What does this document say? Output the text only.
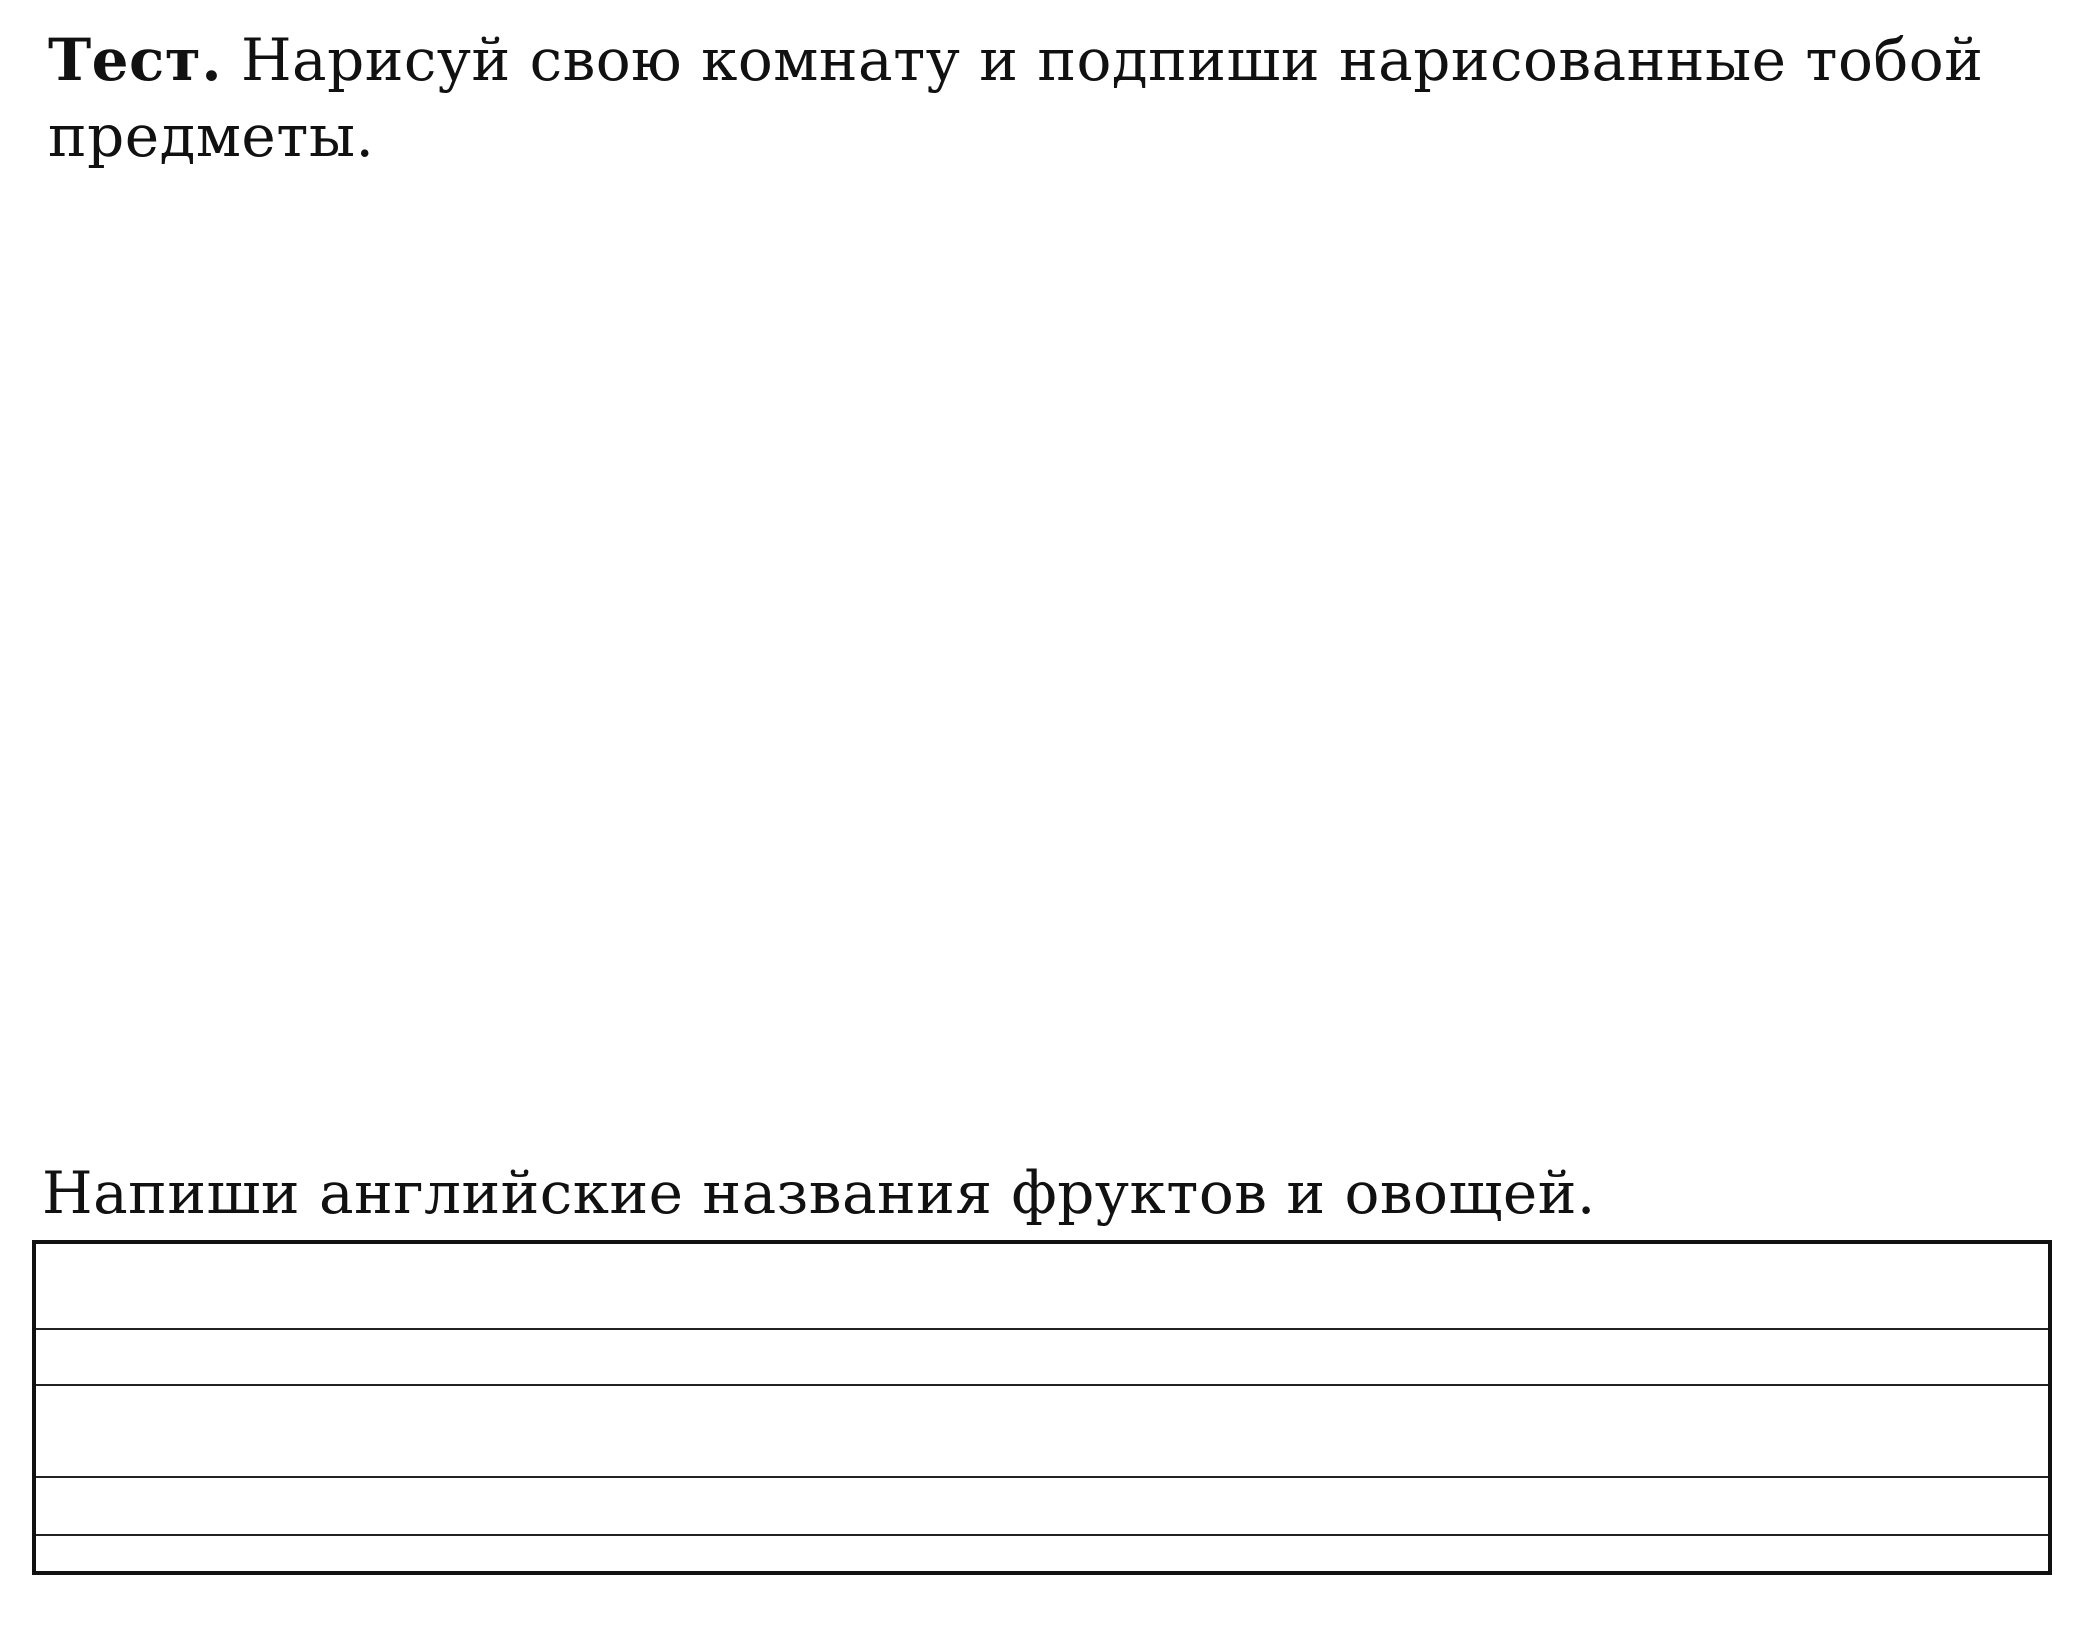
Тест. Нарисуй свою комнату и подпиши нарисованные тобой предметы.
Напиши английские названия фруктов и овощей.
